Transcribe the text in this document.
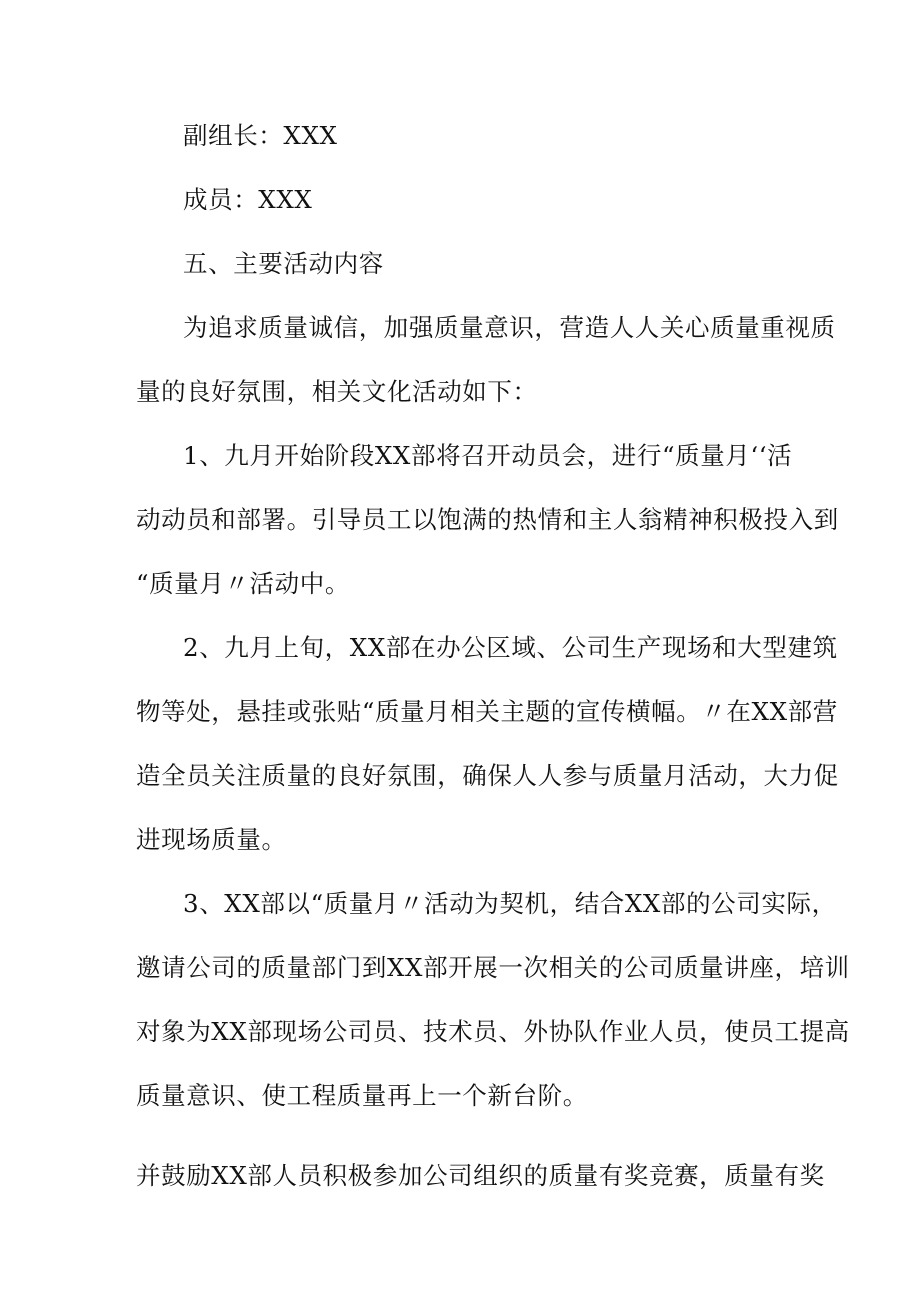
副组长：XXX

成员：XXX

五、主要活动内容

为追求质量诚信，加强质量意识，营造人人关心质量重视质

量的良好氛围，相关文化活动如下：

1、九月开始阶段XX部将召开动员会，进行“质量月‘‘活

动动员和部署。引导员工以饱满的热情和主人翁精神积极投入到

“质量月〃活动中。

2、九月上旬，XX部在办公区域、公司生产现场和大型建筑

物等处，悬挂或张贴“质量月相关主题的宣传横幅。〃在XX部营

造全员关注质量的良好氛围，确保人人参与质量月活动，大力促

进现场质量。

3、XX部以“质量月〃活动为契机，结合XX部的公司实际，

邀请公司的质量部门到XX部开展一次相关的公司质量讲座，培训

对象为XX部现场公司员、技术员、外协队作业人员，使员工提高

质量意识、使工程质量再上一个新台阶。

并鼓励XX部人员积极参加公司组织的质量有奖竞赛，质量有奖
